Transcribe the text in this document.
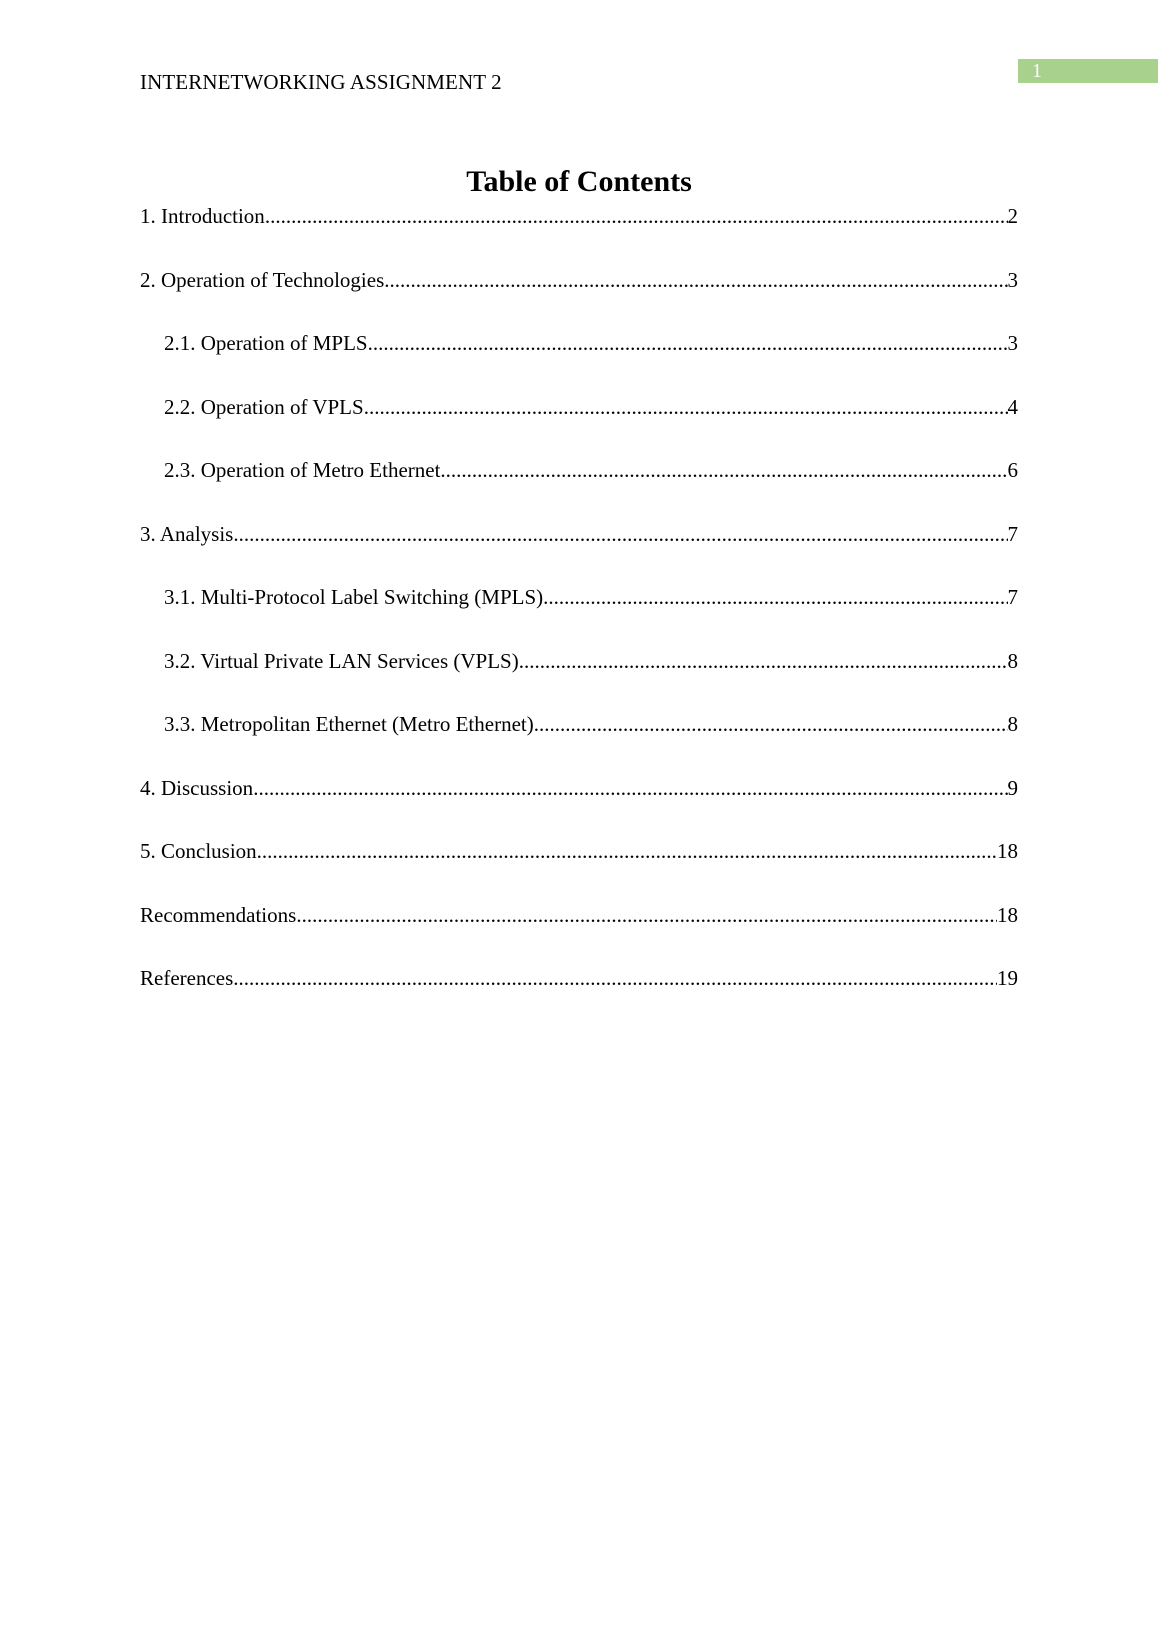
1
INTERNETWORKING ASSIGNMENT 2
Table of Contents
1. Introduction .....	2
2. Operation of Technologies .....	3
2.1. Operation of MPLS .....	3
2.2. Operation of VPLS .....	4
2.3. Operation of Metro Ethernet .....	6
3. Analysis .....	7
3.1. Multi-Protocol Label Switching (MPLS) .....	7
3.2. Virtual Private LAN Services (VPLS) .....	8
3.3. Metropolitan Ethernet (Metro Ethernet) .....	8
4. Discussion .....	9
5. Conclusion .....	18
Recommendations .....	18
References .....	19
